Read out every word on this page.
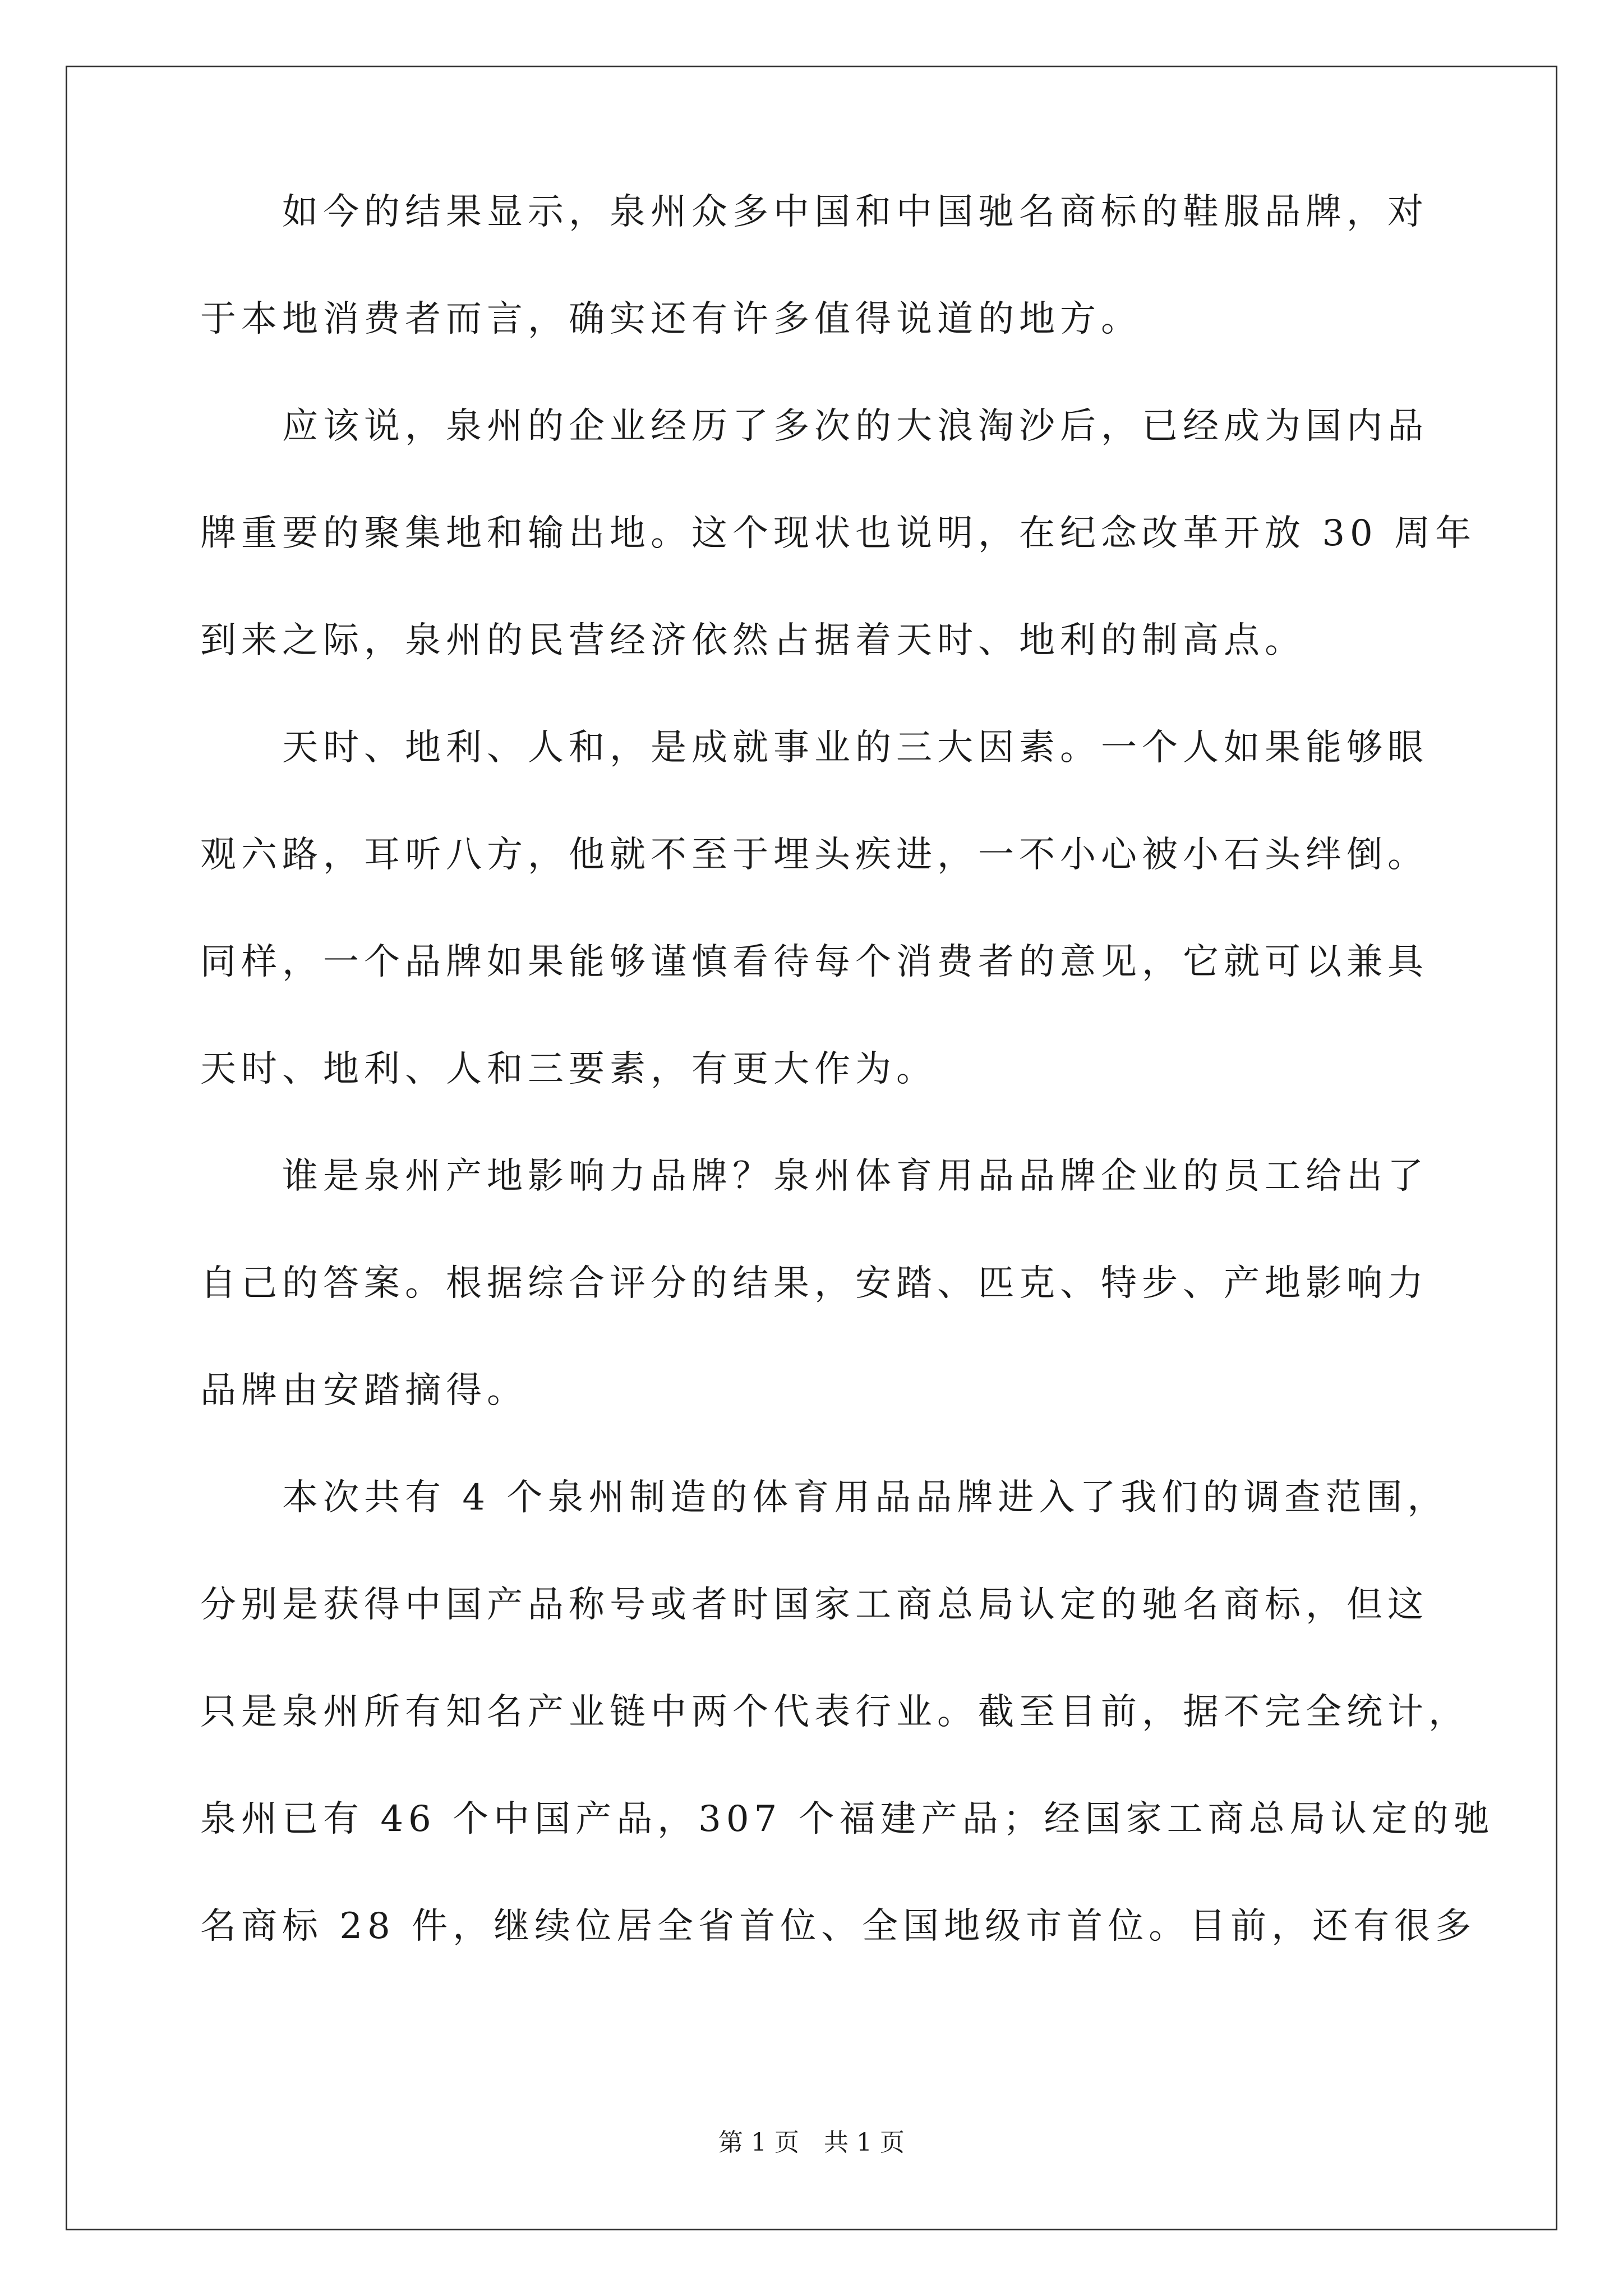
　　如今的结果显示，泉州众多中国和中国驰名商标的鞋服品牌，对
于本地消费者而言，确实还有许多值得说道的地方。
　　应该说，泉州的企业经历了多次的大浪淘沙后，已经成为国内品
牌重要的聚集地和输出地。这个现状也说明，在纪念改革开放 30 周年
到来之际，泉州的民营经济依然占据着天时、地利的制高点。
　　天时、地利、人和，是成就事业的三大因素。一个人如果能够眼
观六路，耳听八方，他就不至于埋头疾进，一不小心被小石头绊倒。
同样，一个品牌如果能够谨慎看待每个消费者的意见，它就可以兼具
天时、地利、人和三要素，有更大作为。
　　谁是泉州产地影响力品牌？泉州体育用品品牌企业的员工给出了
自己的答案。根据综合评分的结果，安踏、匹克、特步、产地影响力
品牌由安踏摘得。
　　本次共有 4 个泉州制造的体育用品品牌进入了我们的调查范围，
分别是获得中国产品称号或者时国家工商总局认定的驰名商标，但这
只是泉州所有知名产业链中两个代表行业。截至目前，据不完全统计，
泉州已有 46 个中国产品，307 个福建产品；经国家工商总局认定的驰
名商标 28 件，继续位居全省首位、全国地级市首位。目前，还有很多
第 1 页　共 1 页
